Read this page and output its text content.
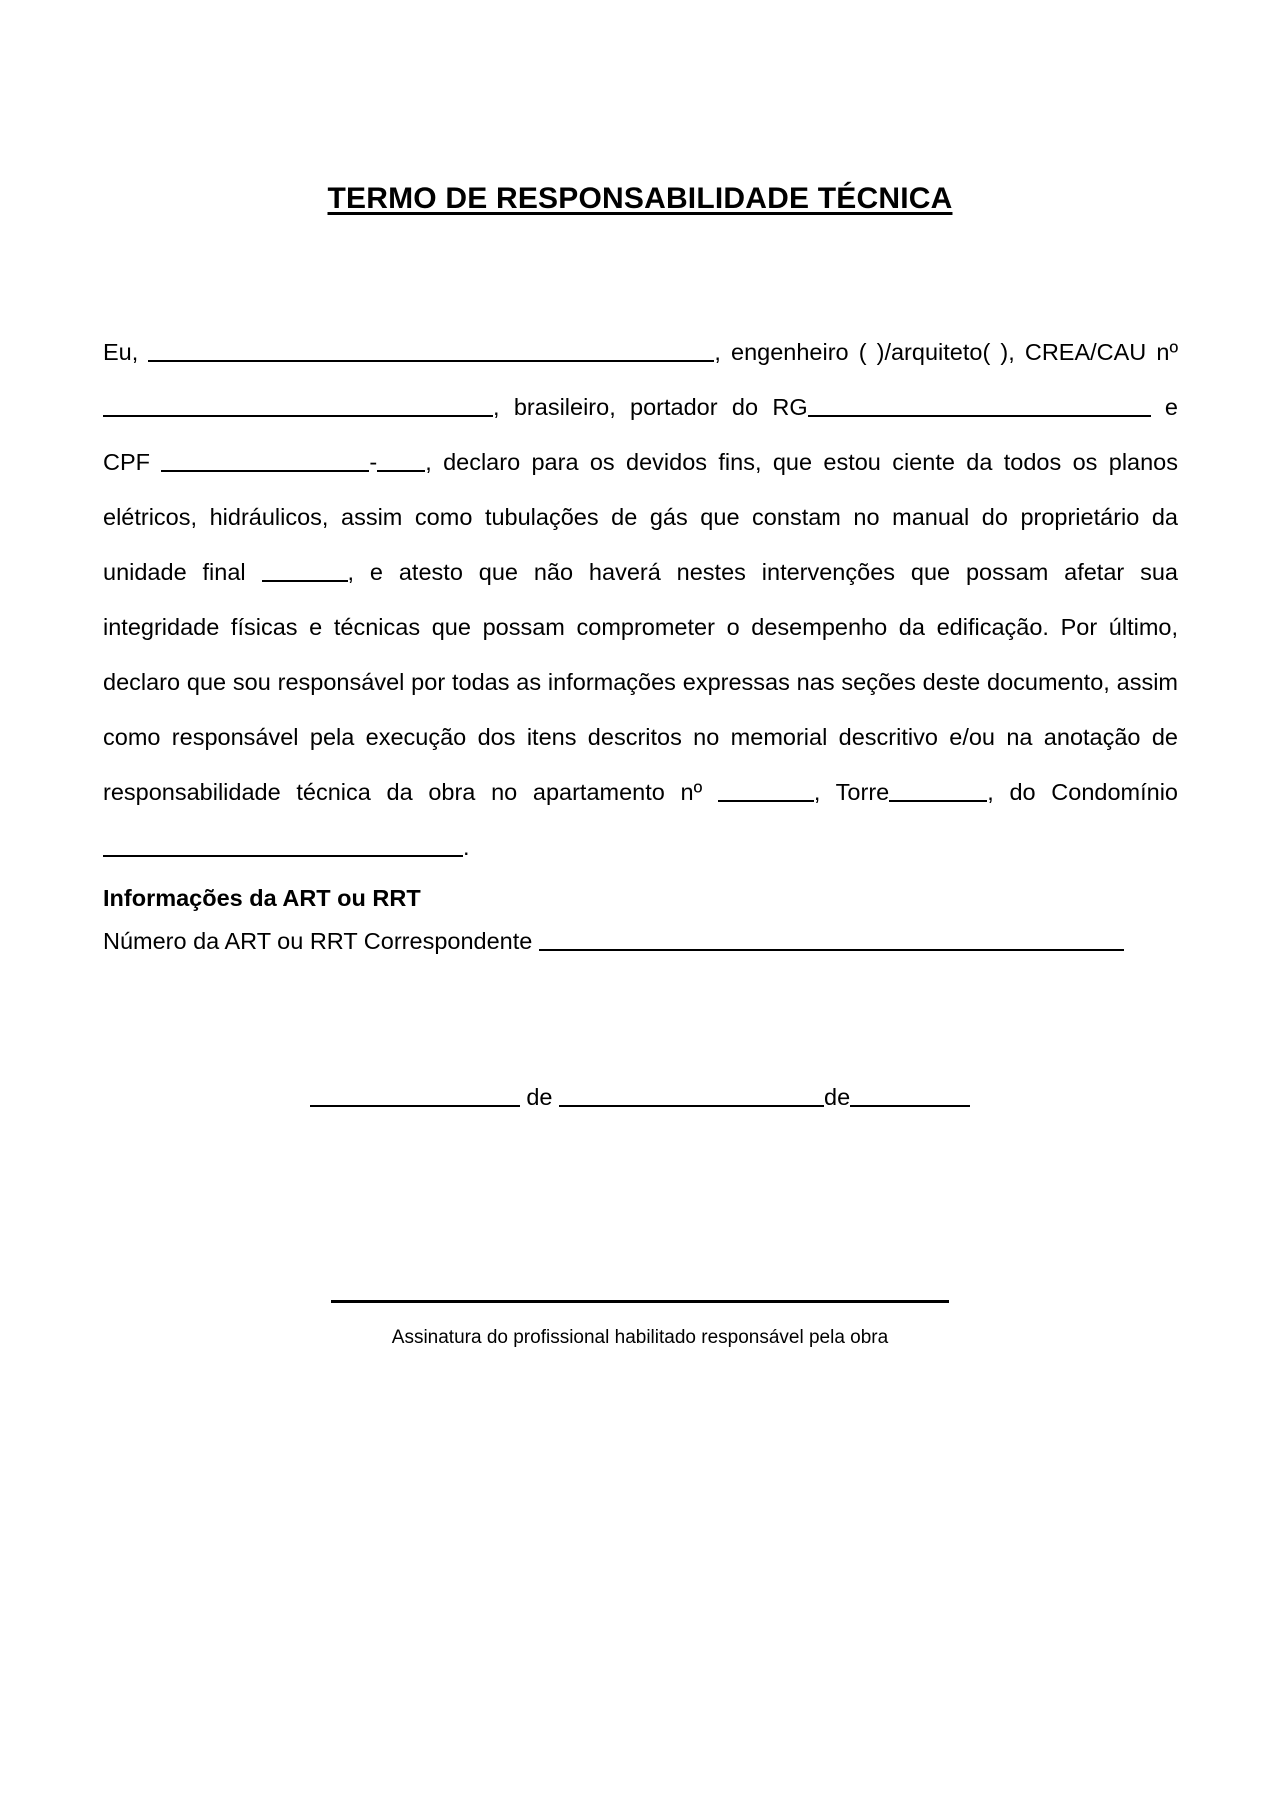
TERMO DE RESPONSABILIDADE TÉCNICA

Eu,	, engenheiro ( )/arquiteto( ), CREA/CAU nº , brasileiro, portador do RG	e CPF	- , declaro para os devidos fins, que estou ciente da todos os planos elétricos, hidráulicos, assim como tubulações de gás que constam no manual do proprietário da unidade final	, e atesto que não haverá nestes intervenções que possam afetar sua integridade físicas e técnicas que possam comprometer o desempenho da edificação. Por último, declaro que sou responsável por todas as informações expressas nas seções deste documento, assim como responsável pela execução dos itens descritos no memorial descritivo e/ou na anotação de responsabilidade técnica da obra no apartamento nº	, Torre	, do Condomínio .

Informações da ART ou RRT

Número da ART ou RRT Correspondente

de	de

Assinatura do profissional habilitado responsável pela obra
